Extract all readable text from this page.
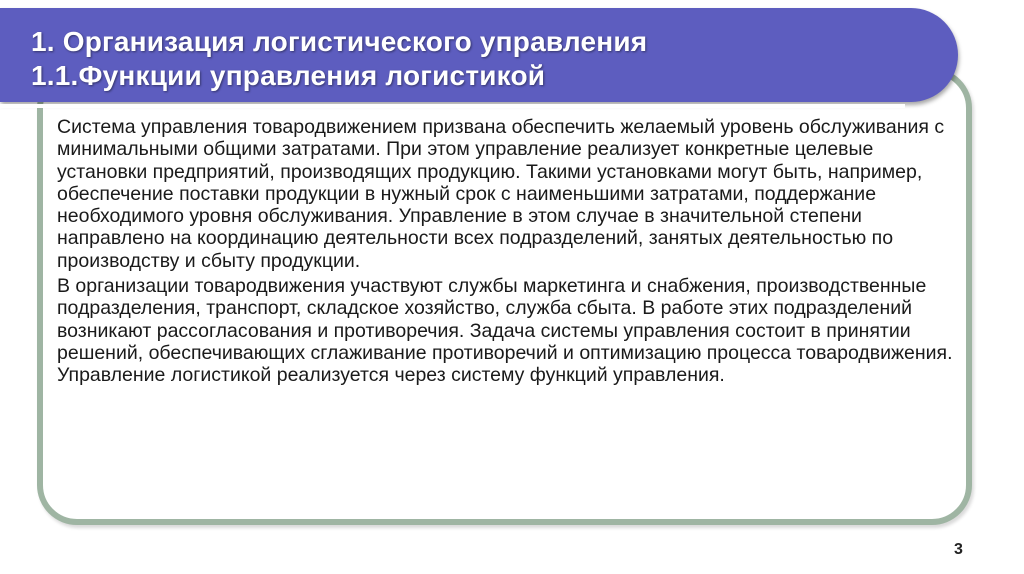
1. Организация логистического управления
1.1.Функции управления логистикой

Система управления товародвижением призвана обеспечить желаемый уровень обслуживания с минимальными общими затратами. При этом управление реализует конкретные целевые установки предприятий, производящих продукцию. Такими установками могут быть, например, обеспечение поставки продукции в нужный срок с наименьшими затратами, поддержание необходимого уровня обслуживания. Управление в этом случае в значительной степени направлено на координацию деятельности всех подразделений, занятых деятельностью по производству и сбыту продукции.

В организации товародвижения участвуют службы маркетинга и снабжения, производственные подразделения, транспорт, складское хозяйство, служба сбыта. В работе этих подразделений возникают рассогласования и противоречия. Задача системы управления состоит в принятии решений, обеспечивающих сглаживание противоречий и оптимизацию процесса товародвижения. Управление логистикой реализуется через систему функций управления.

3
